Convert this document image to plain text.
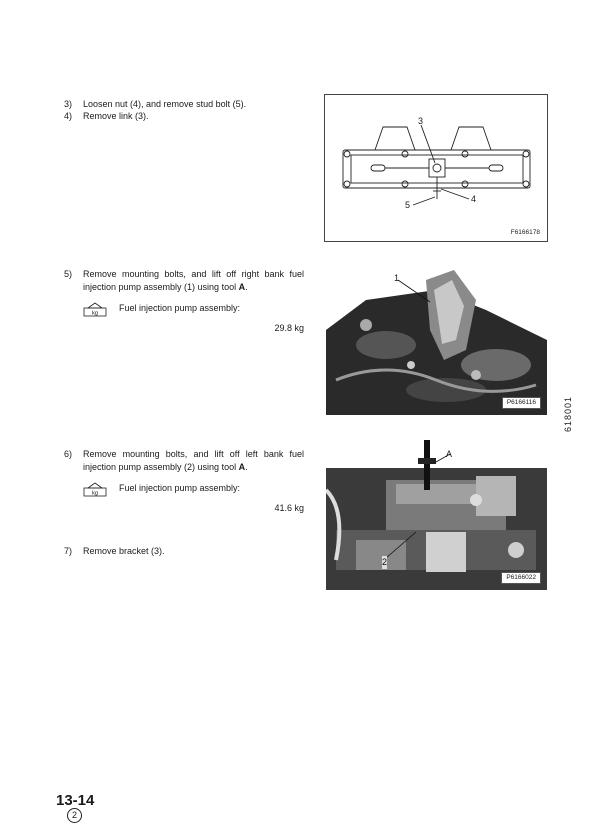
3) Loosen nut (4), and remove stud bolt (5).
4) Remove link (3).	3
4
5
F6166178
5) Remove mounting bolts, and lift off right bank fuel injection pump assembly (1) using tool A.
kg
Fuel injection pump assembly:
29.8 kg
1
P6166116	618001
6) Remove mounting bolts, and lift off left bank fuel injection pump assembly (2) using tool A.
kg
Fuel injection pump assembly:
41.6 kg
7) Remove bracket (3).
A
2
P6166022
13-14
2
